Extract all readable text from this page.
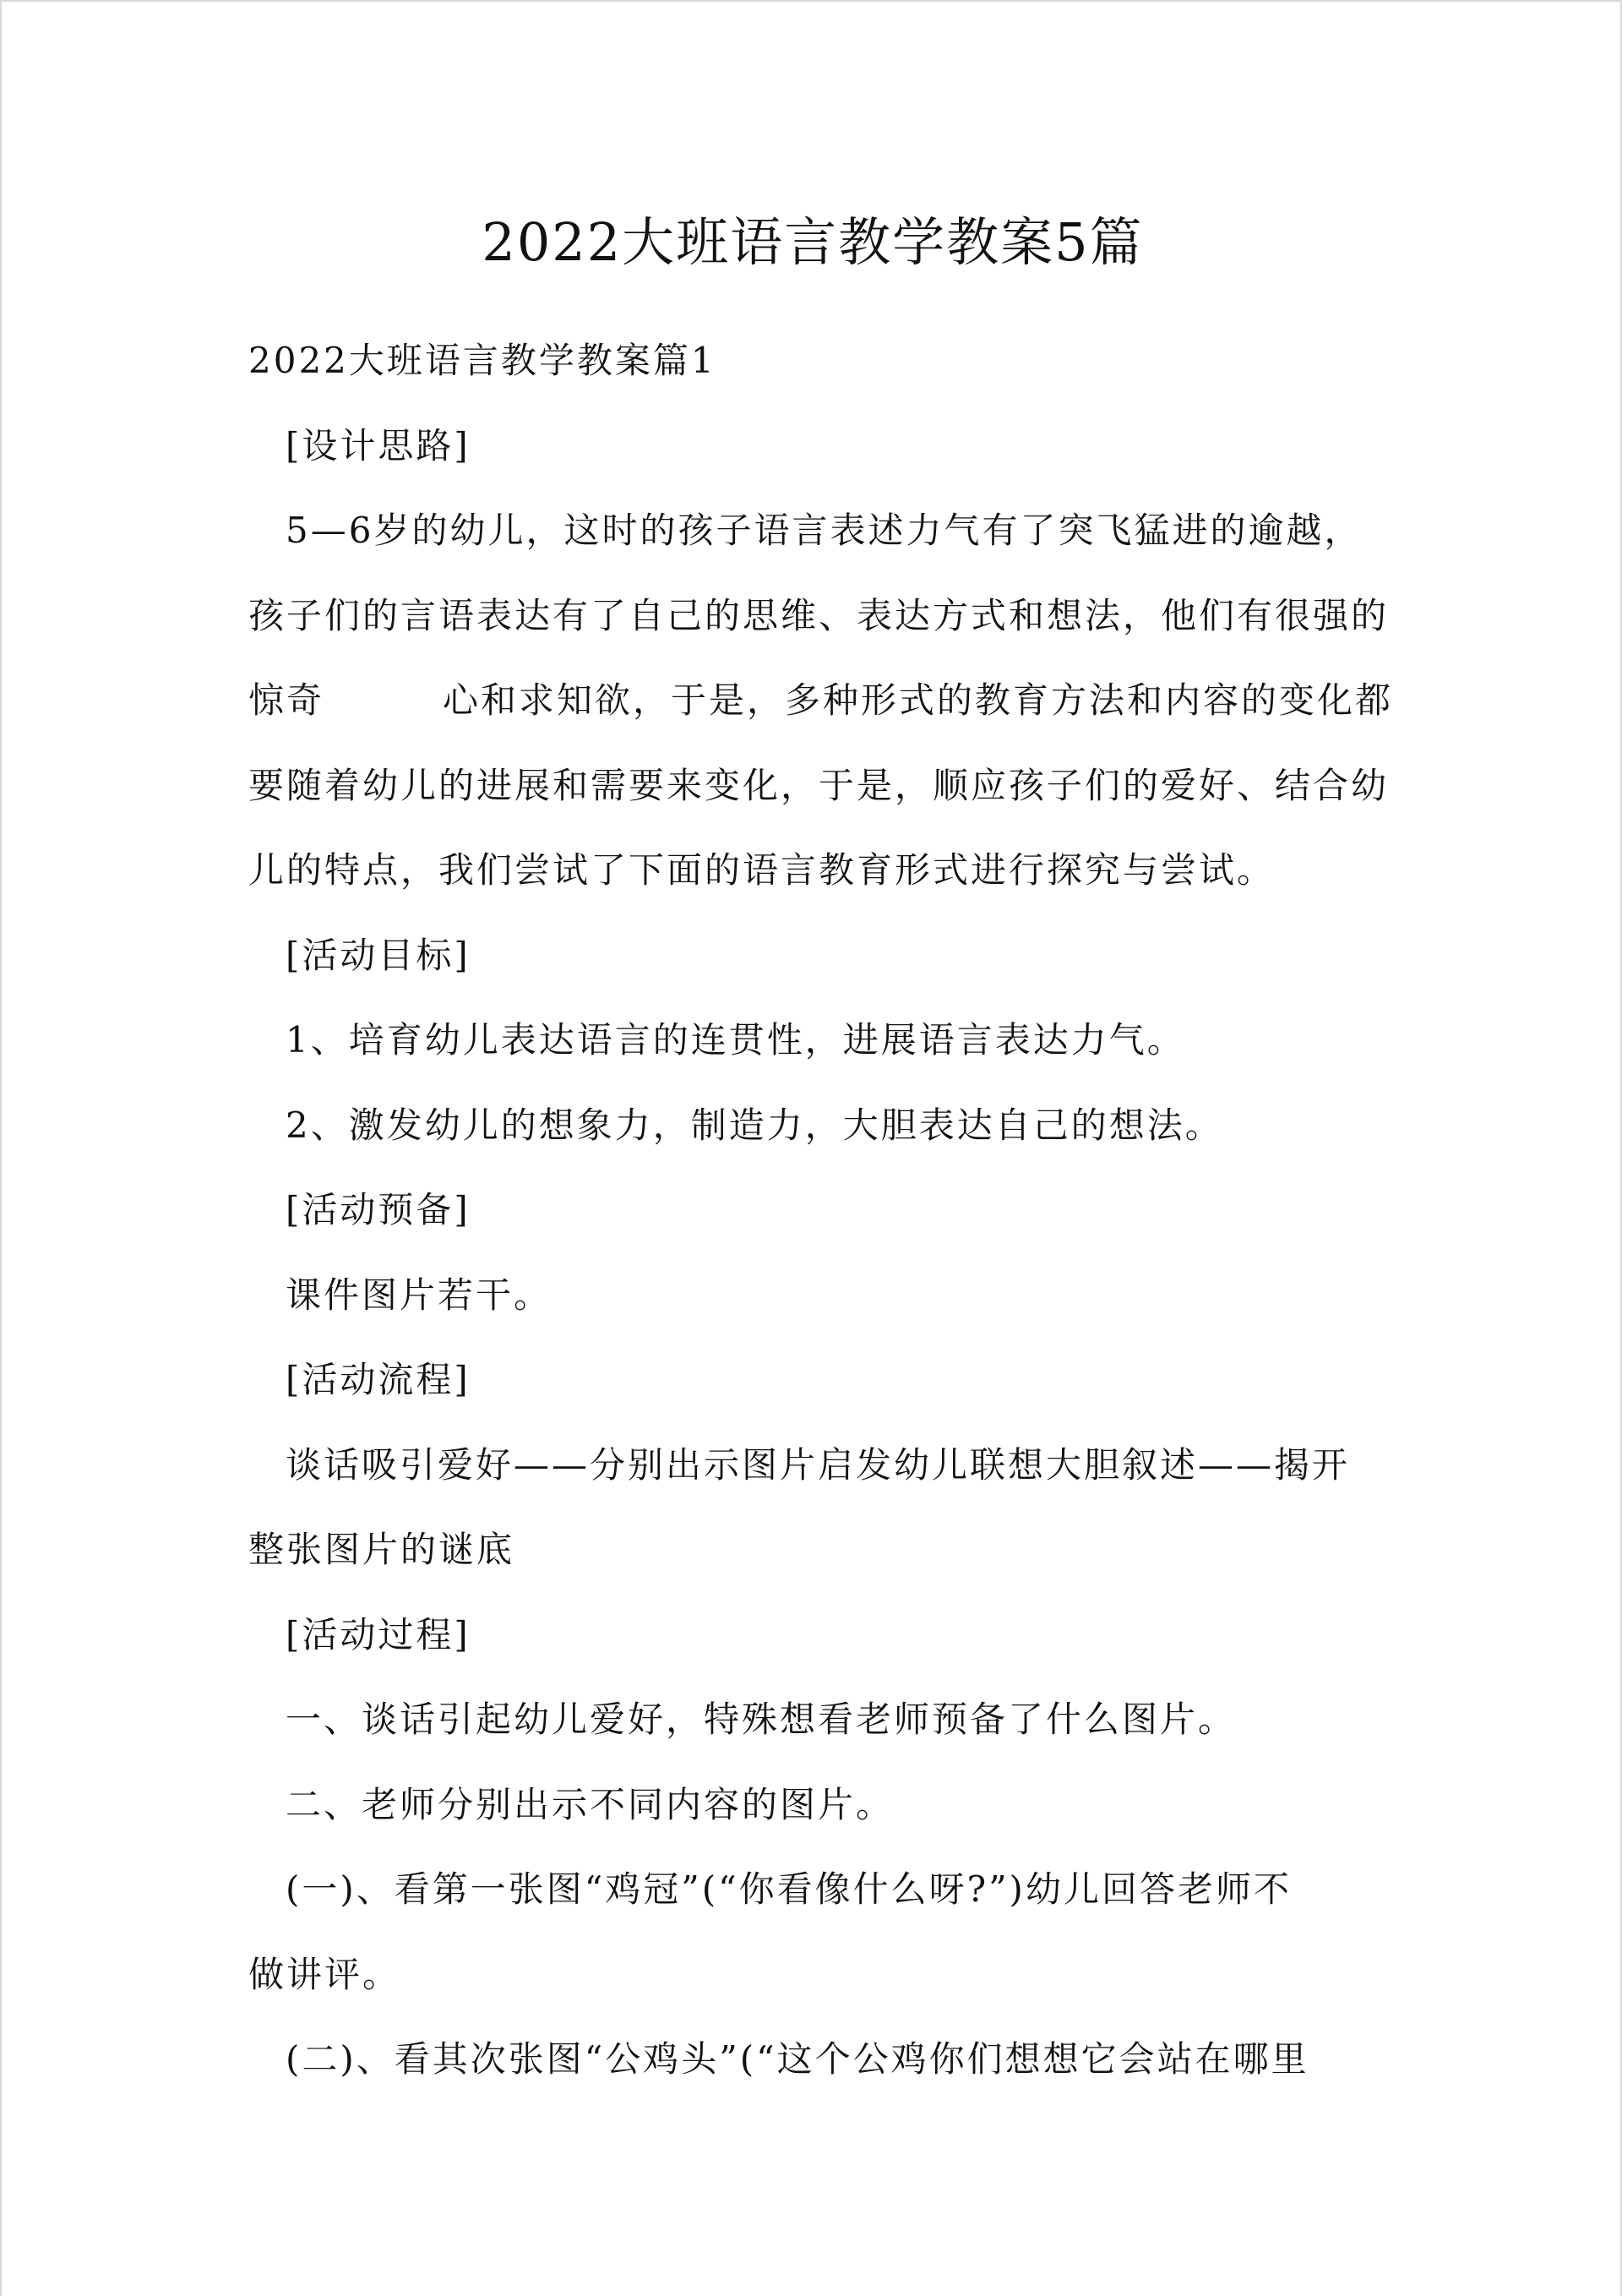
2022大班语言教学教案5篇

2022大班语言教学教案篇1

[设计思路]

5—6岁的幼儿，这时的孩子语言表述力气有了突飞猛进的逾越，

孩子们的言语表达有了自己的思维、表达方式和想法，他们有很强的

惊奇	心和求知欲，于是，多种形式的教育方法和内容的变化都

要随着幼儿的进展和需要来变化，于是，顺应孩子们的爱好、结合幼

儿的特点，我们尝试了下面的语言教育形式进行探究与尝试。

[活动目标]

1、培育幼儿表达语言的连贯性，进展语言表达力气。

2、激发幼儿的想象力，制造力，大胆表达自己的想法。

[活动预备]

课件图片若干。

[活动流程]

谈话吸引爱好——分别出示图片启发幼儿联想大胆叙述——揭开

整张图片的谜底

[活动过程]

一、谈话引起幼儿爱好，特殊想看老师预备了什么图片。

二、老师分别出示不同内容的图片。

(一)、看第一张图“鸡冠”(“你看像什么呀?”)幼儿回答老师不

做讲评。

(二)、看其次张图“公鸡头”(“这个公鸡你们想想它会站在哪里
